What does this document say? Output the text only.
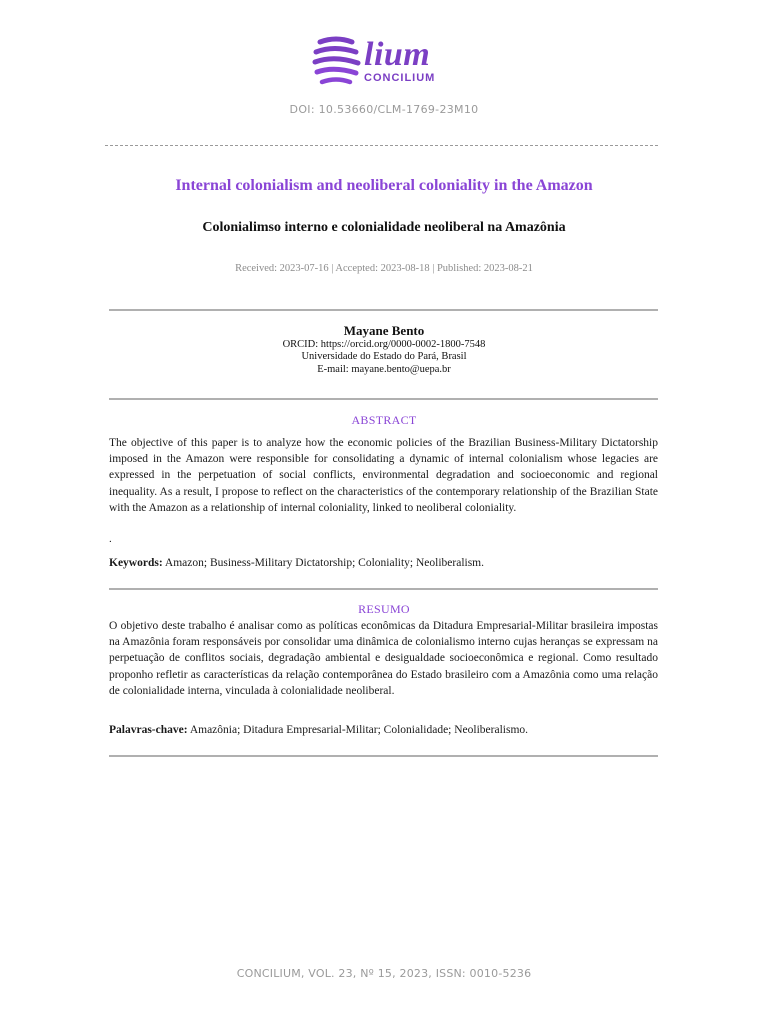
lium
CONCILIUM
DOI: 10.53660/CLM-1769-23M10
Internal colonialism and neoliberal coloniality in the Amazon
Colonialimso interno e colonialidade neoliberal na Amazônia
Received: 2023-07-16 | Accepted: 2023-08-18 | Published: 2023-08-21
Mayane Bento
ORCID: https://orcid.org/0000-0002-1800-7548
Universidade do Estado do Pará, Brasil
E-mail: mayane.bento@uepa.br
ABSTRACT
The objective of this paper is to analyze how the economic policies of the Brazilian Business-Military Dictatorship imposed in the Amazon were responsible for consolidating a dynamic of internal colonialism whose legacies are expressed in the perpetuation of social conflicts, environmental degradation and socioeconomic and regional inequality. As a result, I propose to reflect on the characteristics of the contemporary relationship of the Brazilian State with the Amazon as a relationship of internal coloniality, linked to neoliberal coloniality.
.
Keywords: Amazon; Business-Military Dictatorship; Coloniality; Neoliberalism.
RESUMO
O objetivo deste trabalho é analisar como as políticas econômicas da Ditadura Empresarial-Militar brasileira impostas na Amazônia foram responsáveis por consolidar uma dinâmica de colonialismo interno cujas heranças se expressam na perpetuação de conflitos sociais, degradação ambiental e desigualdade socioeconômica e regional. Como resultado proponho refletir as características da relação contemporânea do Estado brasileiro com a Amazônia como uma relação de colonialidade interna, vinculada à colonialidade neoliberal.
Palavras-chave: Amazônia; Ditadura Empresarial-Militar; Colonialidade; Neoliberalismo.
CONCILIUM, VOL. 23, Nº 15, 2023, ISSN: 0010-5236
